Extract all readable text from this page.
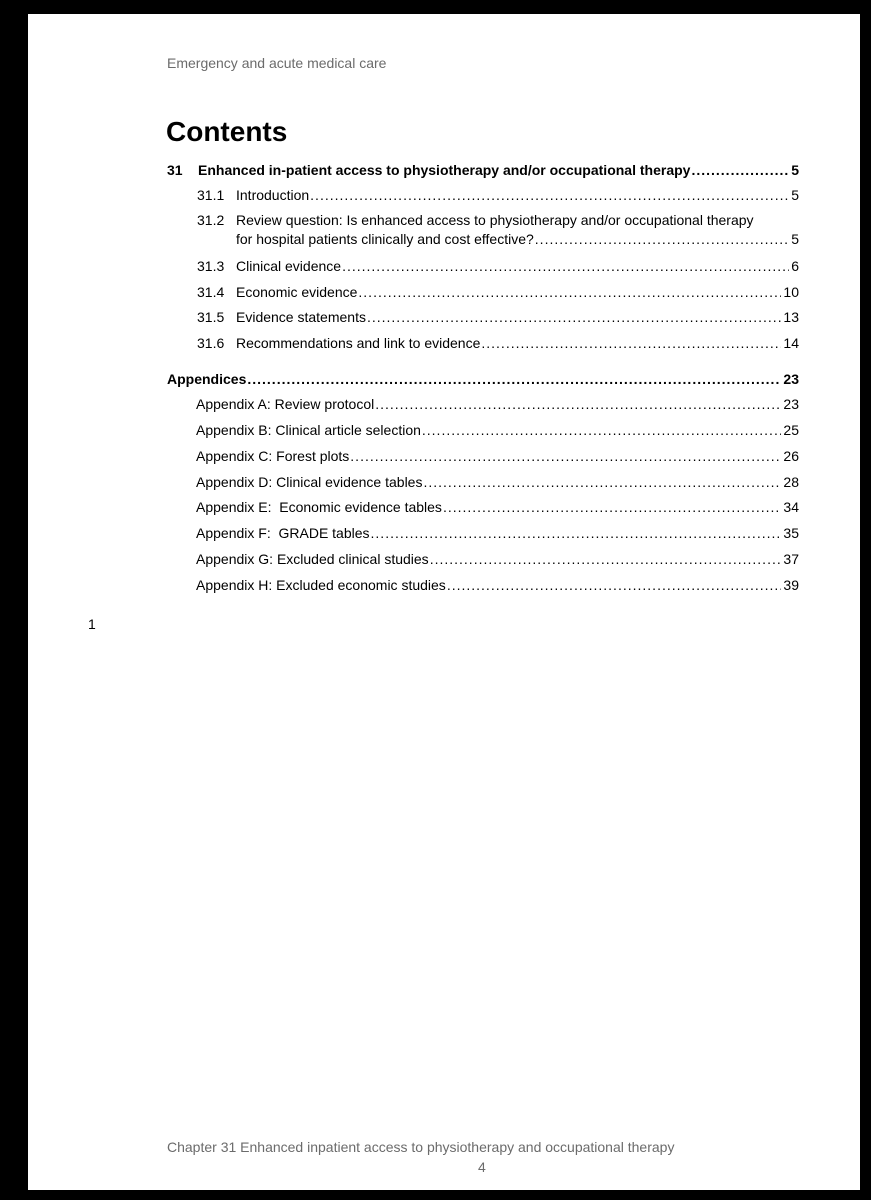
Emergency and acute medical care
Contents
31	Enhanced in-patient access to physiotherapy and/or occupational therapy .....	5
31.1 Introduction .....	5
31.2 Review question: Is enhanced access to physiotherapy and/or occupational therapy
for hospital patients clinically and cost effective? .....	5
31.3 Clinical evidence .....	6
31.4 Economic evidence .....	10
31.5 Evidence statements .....	13
31.6 Recommendations and link to evidence .....	14
Appendices .....	23
Appendix A: Review protocol .....	23
Appendix B: Clinical article selection .....	25
Appendix C: Forest plots .....	26
Appendix D: Clinical evidence tables .....	28
Appendix E:  Economic evidence tables .....	34
Appendix F:  GRADE tables .....	35
Appendix G: Excluded clinical studies .....	37
Appendix H: Excluded economic studies .....	39
1
Chapter 31 Enhanced inpatient access to physiotherapy and occupational therapy
4
